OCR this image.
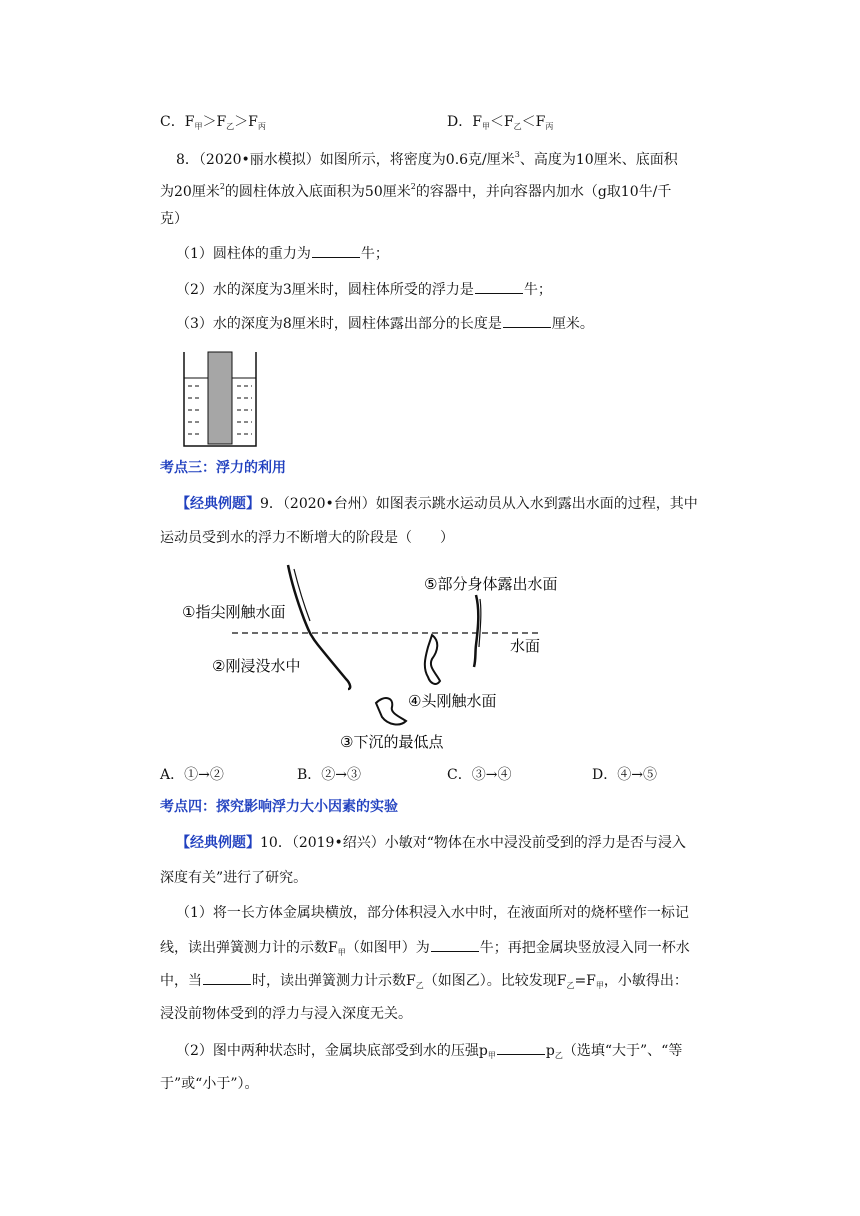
C．$F_甲>F_乙>F_丙$	D．$F_甲<F_乙<F_丙$
8．（2020•丽水模拟）如图所示，将密度为0.6克/厘米$^3$、高度为10厘米、底面积
为20厘米$^2$的圆柱体放入底面积为50厘米$^2$的容器中，并向容器内加水（g取10牛/千
克）
（1）圆柱体的重力为	牛；
（2）水的深度为3厘米时，圆柱体所受的浮力是	牛；
（3）水的深度为8厘米时，圆柱体露出部分的长度是	厘米。
考点三：浮力的利用
【经典例题】9．（2020•台州）如图表示跳水运动员从入水到露出水面的过程，其中
运动员受到水的浮力不断增大的阶段是（　　）
①指尖刚触水面
②刚浸没水中
③下沉的最低点
④头刚触水面
⑤部分身体露出水面
水面
A．①→②	B．②→③	C．③→④	D．④→⑤
考点四：探究影响浮力大小因素的实验
【经典例题】10．（2019•绍兴）小敏对“物体在水中浸没前受到的浮力是否与浸入
深度有关”进行了研究。
（1）将一长方体金属块横放，部分体积浸入水中时，在液面所对的烧杯壁作一标记
线，读出弹簧测力计的示数$F_甲$（如图甲）为	牛；再把金属块竖放浸入同一杯水
中，当	时，读出弹簧测力计示数$F_乙$（如图乙）。比较发现$F_乙=F_甲$，小敏得出：
浸没前物体受到的浮力与浸入深度无关。
（2）图中两种状态时，金属块底部受到水的压强$p_甲$	$p_乙$（选填“大于”、“等
于”或“小于”）。
